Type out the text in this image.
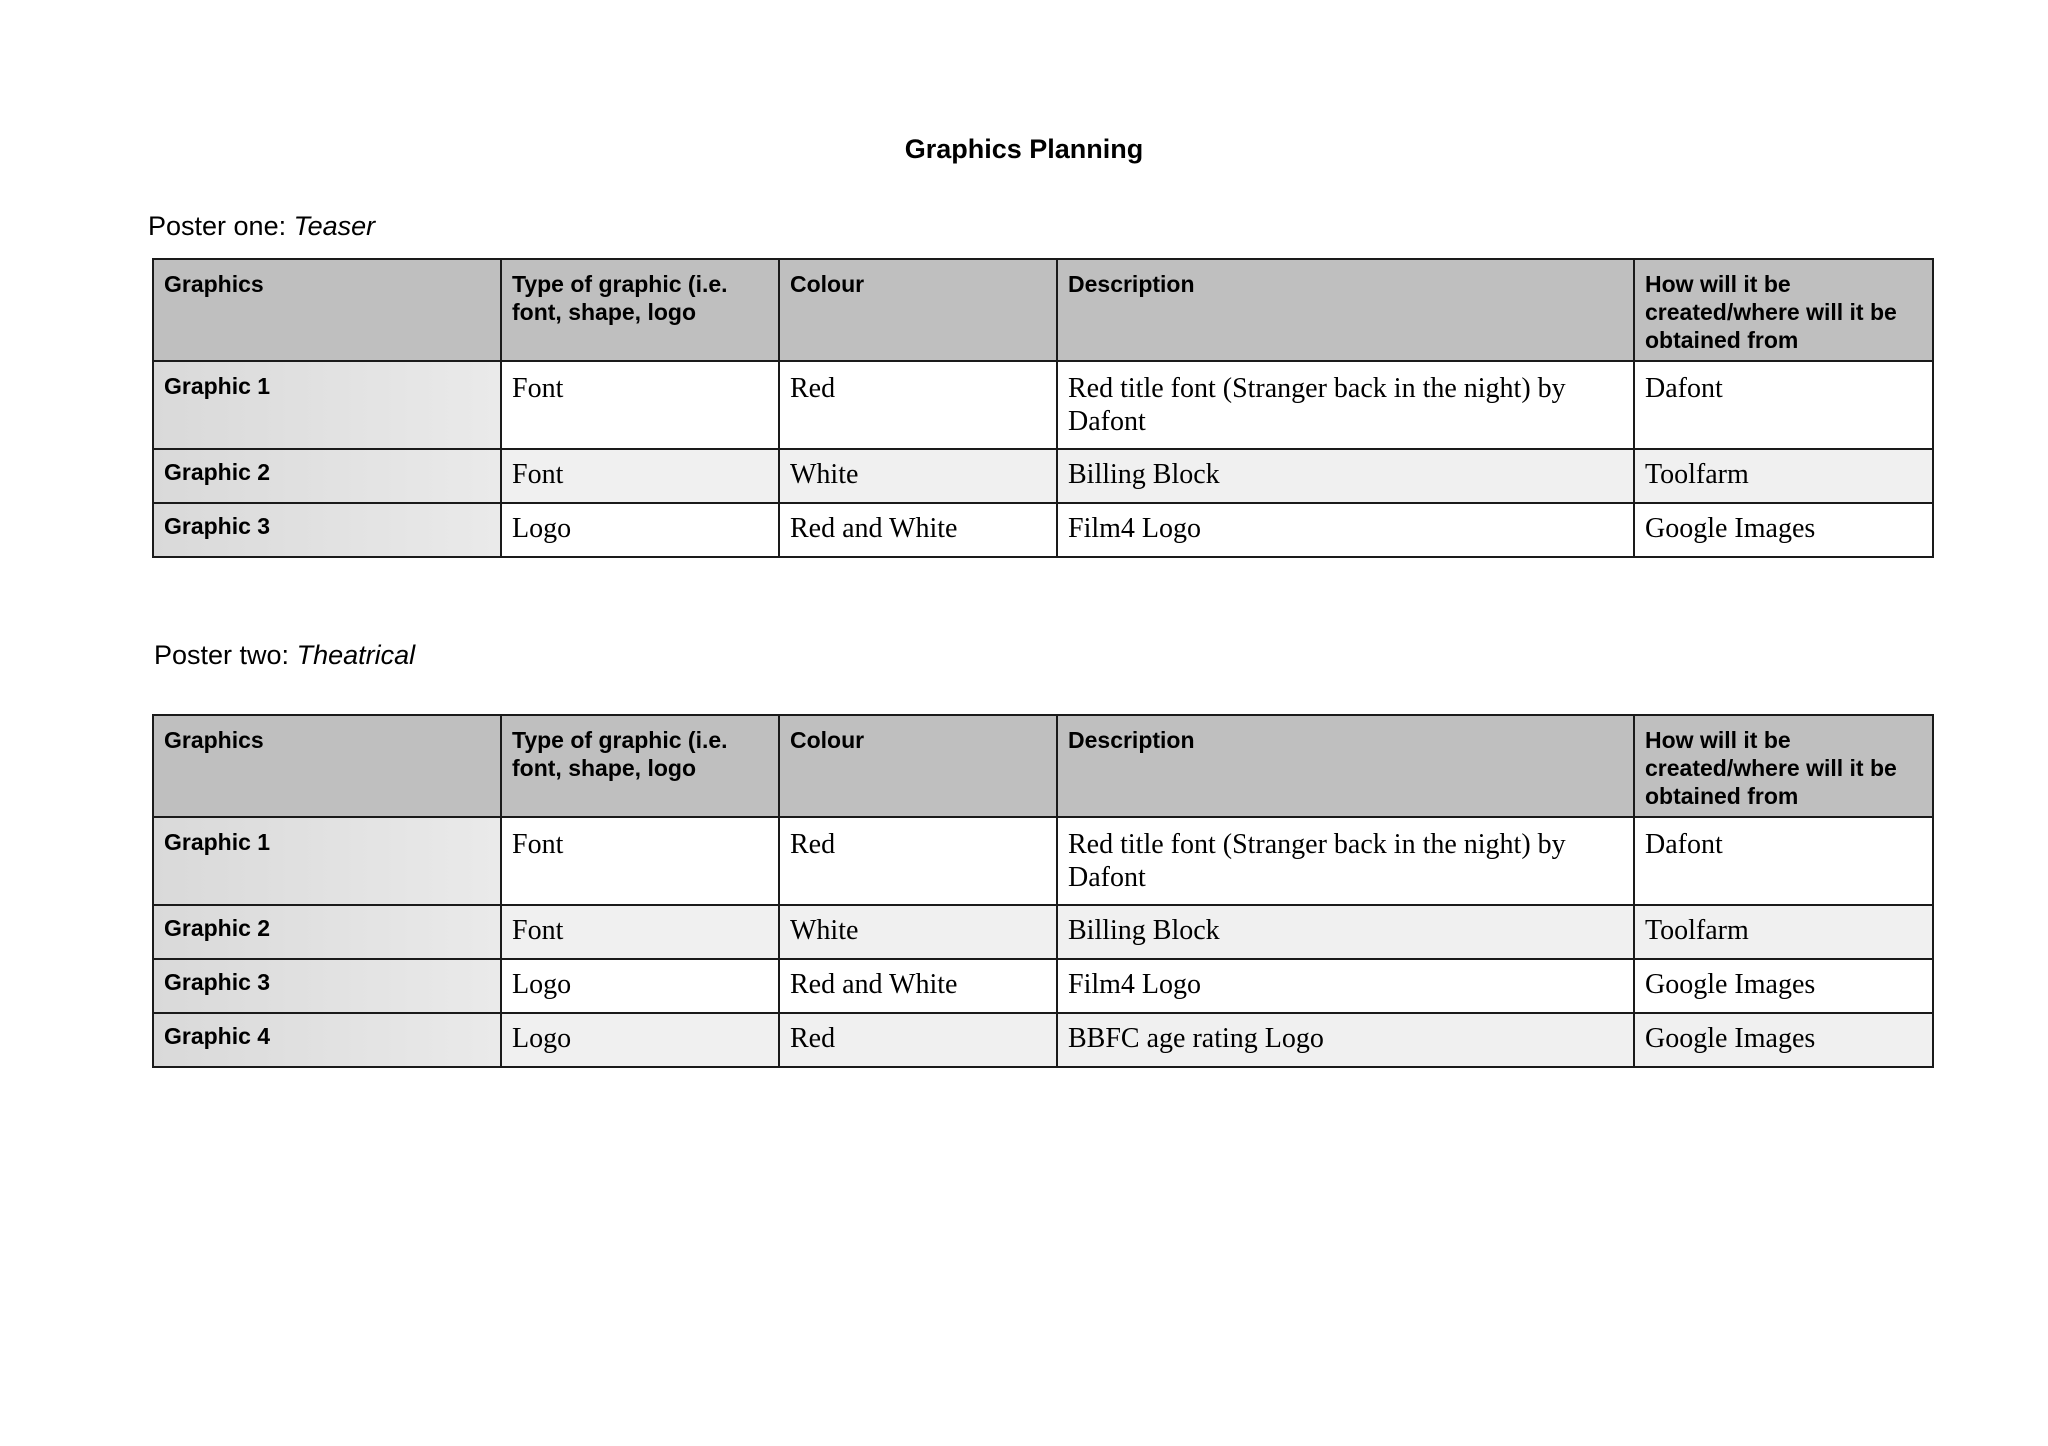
Graphics Planning
Poster one: Teaser
Graphics	Type of graphic (i.e. font, shape, logo	Colour	Description	How will it be created/where will it be obtained from
Graphic 1	Font	Red	Red title font (Stranger back in the night) by Dafont	Dafont
Graphic 2	Font	White	Billing Block	Toolfarm
Graphic 3	Logo	Red and White	Film4 Logo	Google Images
Poster two: Theatrical
Graphics	Type of graphic (i.e. font, shape, logo	Colour	Description	How will it be created/where will it be obtained from
Graphic 1	Font	Red	Red title font (Stranger back in the night) by Dafont	Dafont
Graphic 2	Font	White	Billing Block	Toolfarm
Graphic 3	Logo	Red and White	Film4 Logo	Google Images
Graphic 4	Logo	Red	BBFC age rating Logo	Google Images
